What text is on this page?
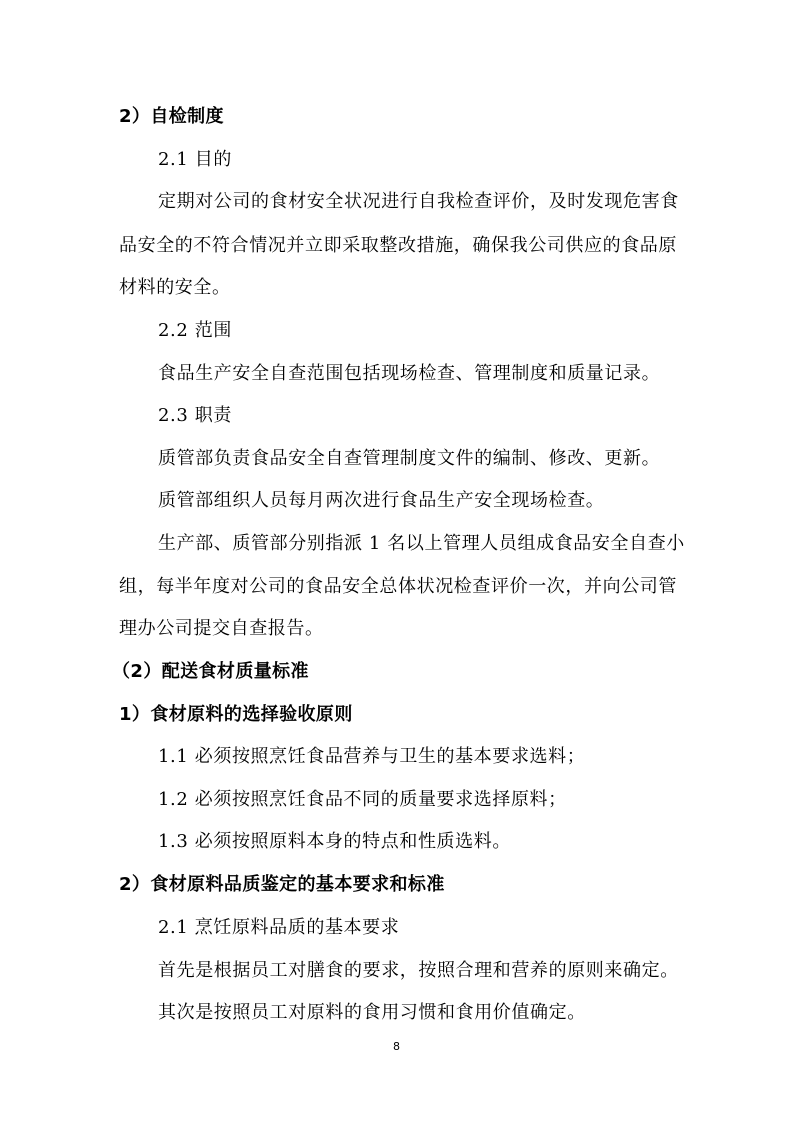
2）自检制度
2.1 目的
定期对公司的食材安全状况进行自我检查评价，及时发现危害食
品安全的不符合情况并立即采取整改措施，确保我公司供应的食品原
材料的安全。
2.2 范围
食品生产安全自查范围包括现场检查、管理制度和质量记录。
2.3 职责
质管部负责食品安全自查管理制度文件的编制、修改、更新。
质管部组织人员每月两次进行食品生产安全现场检查。
生产部、质管部分别指派 1 名以上管理人员组成食品安全自查小
组，每半年度对公司的食品安全总体状况检查评价一次，并向公司管
理办公司提交自查报告。
（2）配送食材质量标准
1）食材原料的选择验收原则
1.1 必须按照烹饪食品营养与卫生的基本要求选料；
1.2 必须按照烹饪食品不同的质量要求选择原料；
1.3 必须按照原料本身的特点和性质选料。
2）食材原料品质鉴定的基本要求和标准
2.1 烹饪原料品质的基本要求
首先是根据员工对膳食的要求，按照合理和营养的原则来确定。
其次是按照员工对原料的食用习惯和食用价值确定。
8
